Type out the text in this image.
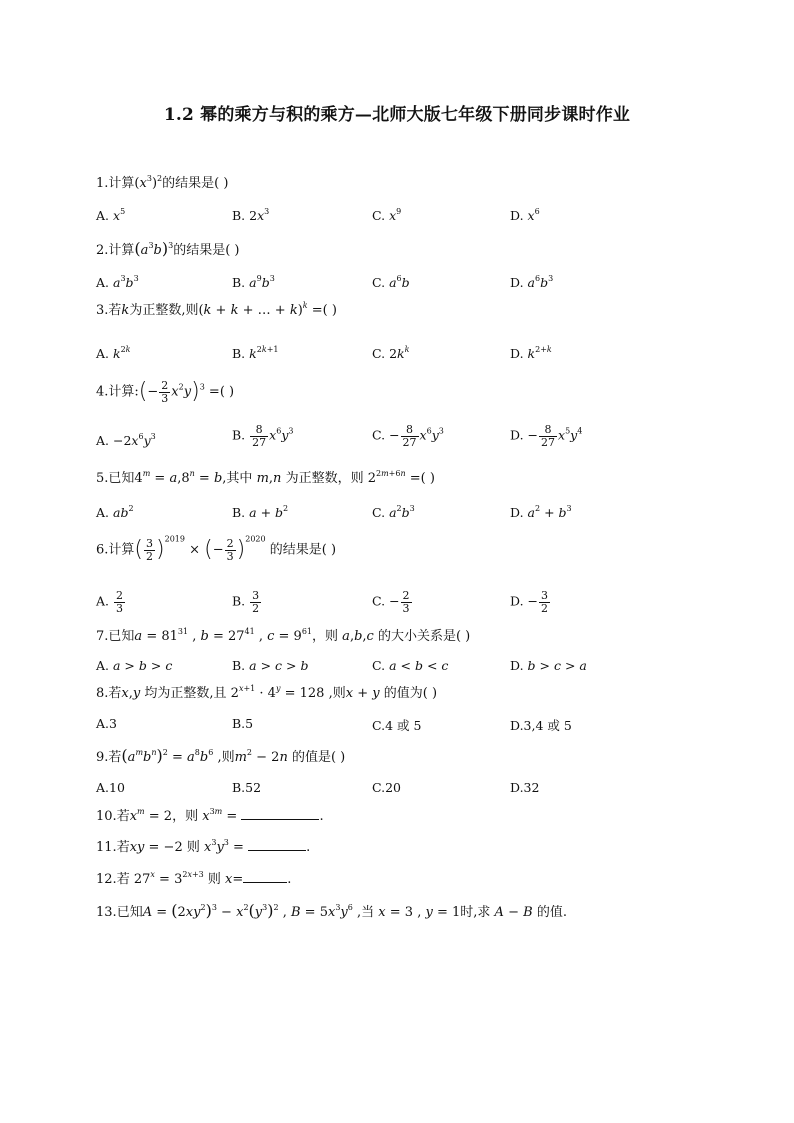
1.2 幂的乘方与积的乘方—北师大版七年级下册同步课时作业
1.计算$(x^3)^2$的结果是( )
A. $x^5$	B. $2x^3$	C. $x^9$	D. $x^6$
2.计算$(a^3b)^3$的结果是( )
A. $a^3b^3$	B. $a^9b^3$	C. $a^6b$	D. $a^6b^3$
3.若k为正整数,则(k + k + … + k)$^k$ =( )
A. $k^{2k}$	B. $k^{2k+1}$	C. $2k^k$	D. $k^{2+k}$
4.计算:(− $\frac{2}{3} x^2y)^3$ =( )
A. $-2x^6y^3$	B. $\frac{8}{27} x^6y^3$	C. − $\frac{8}{27} x^6y^3$	D. − $\frac{8}{27} x^5y^4$
5.已知$4^m = a,8^n = b$,其中 m,n 为正整数，则 $2^{2m+6n}$ =( )
A. $ab^2$	B. $a + b^2$	C. $a^2b^3$	D. $a^2 + b^3$
6.计算( $\frac{3}{2} )^{2019}$ × (− $\frac{2}{3} )^{2020}$ 的结果是( )
A. $\frac{2}{3}$	B. $\frac{3}{2}$	C. − $\frac{2}{3}$	D. − $\frac{3}{2}$
7.已知$a = 81^{31}$ , $b = 27^{41}$ , $c = 9^{61}$，则 a,b,c 的大小关系是( )
A. a > b > c	B. a > c > b	C. a < b < c	D. b > c > a
8.若x,y 均为正整数,且 $2^{x+1} \cdot 4^y = 128$ ,则x + y 的值为( )
A.3	B.5	C.4 或 5	D.3,4 或 5
9.若$(a^mb^n)^2 = a^8b^6$ ,则$m^2 - 2n$ 的值是( )
A.10	B.52	C.20	D.32
10.若$x^m = 2$，则 $x^{3m}$ =	.
11.若xy = −2 则 $x^3y^3$ =	.
12.若 $27^x = 3^{2x+3}$ 则 x=	.
13.已知$A = (2xy^2)^3 - x^2(y^3)^2$ , $B = 5x^3y^6$ ,当 x = 3 , y = 1时,求 A − B 的值.
